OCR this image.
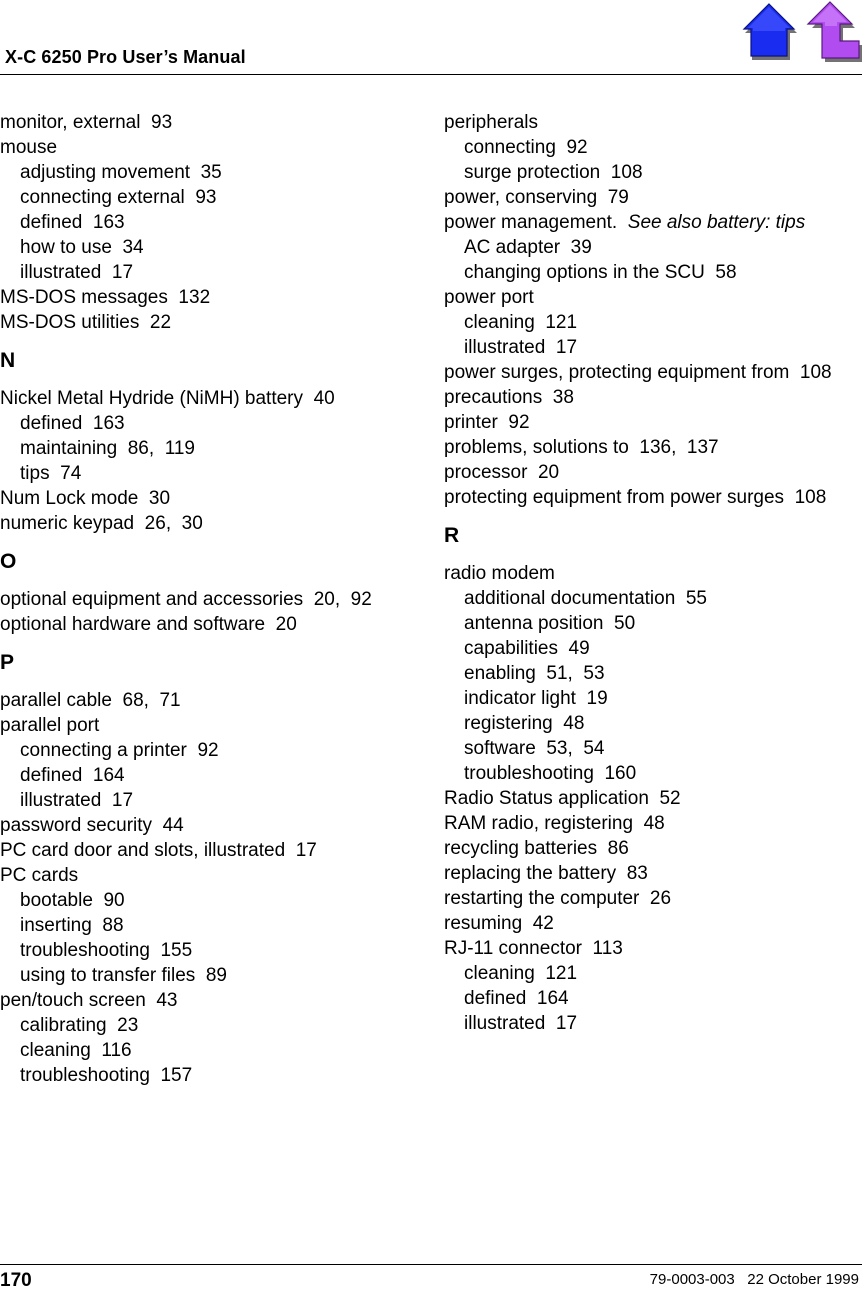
X-C 6250 Pro User’s Manual
monitor, external  93
mouse
adjusting movement  35
connecting external  93
defined  163
how to use  34
illustrated  17
MS-DOS messages  132
MS-DOS utilities  22
N
Nickel Metal Hydride (NiMH) battery  40
defined  163
maintaining  86,  119
tips  74
Num Lock mode  30
numeric keypad  26,  30
O
optional equipment and accessories  20,  92
optional hardware and software  20
P
parallel cable  68,  71
parallel port
connecting a printer  92
defined  164
illustrated  17
password security  44
PC card door and slots, illustrated  17
PC cards
bootable  90
inserting  88
troubleshooting  155
using to transfer files  89
pen/touch screen  43
calibrating  23
cleaning  116
troubleshooting  157
peripherals
connecting  92
surge protection  108
power, conserving  79
power management.  See also battery: tips
AC adapter  39
changing options in the SCU  58
power port
cleaning  121
illustrated  17
power surges, protecting equipment from  108
precautions  38
printer  92
problems, solutions to  136,  137
processor  20
protecting equipment from power surges  108
R
radio modem
additional documentation  55
antenna position  50
capabilities  49
enabling  51,  53
indicator light  19
registering  48
software  53,  54
troubleshooting  160
Radio Status application  52
RAM radio, registering  48
recycling batteries  86
replacing the battery  83
restarting the computer  26
resuming  42
RJ-11 connector  113
cleaning  121
defined  164
illustrated  17
170	79-0003-003   22 October 1999
